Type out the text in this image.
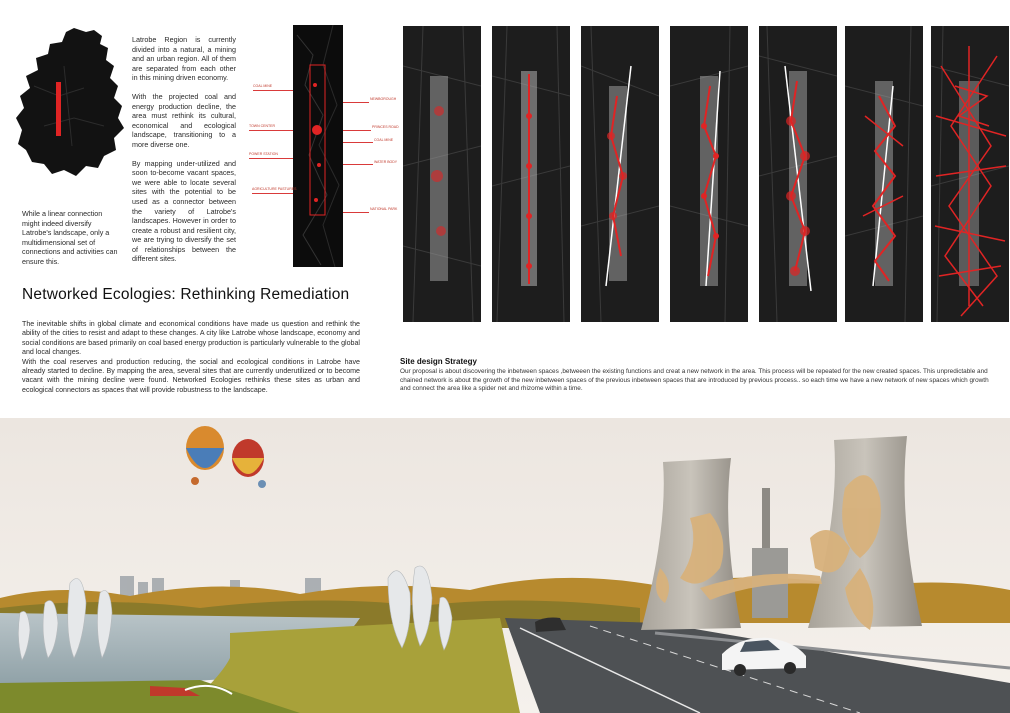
Latrobe Region is currently divided into a natural, a mining and an urban region. All of them are separated from each other in this mining driven economy.

With the projected coal and energy production decline, the area must rethink its cultural, economical and ecological landscape, transitioning to a more diverse one.

By mapping under-utilized and soon to-become vacant spaces, we were able to locate several sites with the potential to be used as a connector between the variety of Latrobe's landscapes. However in order to create a robust and resilient city, we are trying to diversify the set of relationships between the different sites.

While a linear connection might indeed diversify Latrobe's landscape, only a multidimensional set of connections and activities can ensure this.
COAL MINE
TOWN CENTER
POWER STATION
AGRICULTURE PASTURES
NEWBOROUGH
PRINCES ROAD
COAL MINE
WATER BODY
NATIONAL PARK
Networked Ecologies: Rethinking Remediation

The inevitable shifts in global climate and economical conditions have made us question and rethink the ability of the cities to resist and adapt to these changes. A city like Latrobe whose landscape, economy and social conditions are based primarily on coal based energy production is particularly vulnerable to the global and local changes.

With the coal reserves and production reducing, the social and ecological conditions in Latrobe have already started to decline. By mapping the area, several sites that are currently underutilized or to become vacant with the mining decline were found. Networked Ecologies rethinks these sites as urban and ecological connectors as spaces that will provide robustness to the landscape.

Site design Strategy
Our proposal is about discovering the inbetween spaces ,betweeen the existing functions and creat a new network in the area. This process will be repeated for the new created spaces. This unpredictable and chained network is about the growth of the new inbetween spaces of the previous inbetween spaces that are introduced by previous process.. so each time we have a new network of new spaces which growth and connect the area like a spider net and rhizome within a time.
